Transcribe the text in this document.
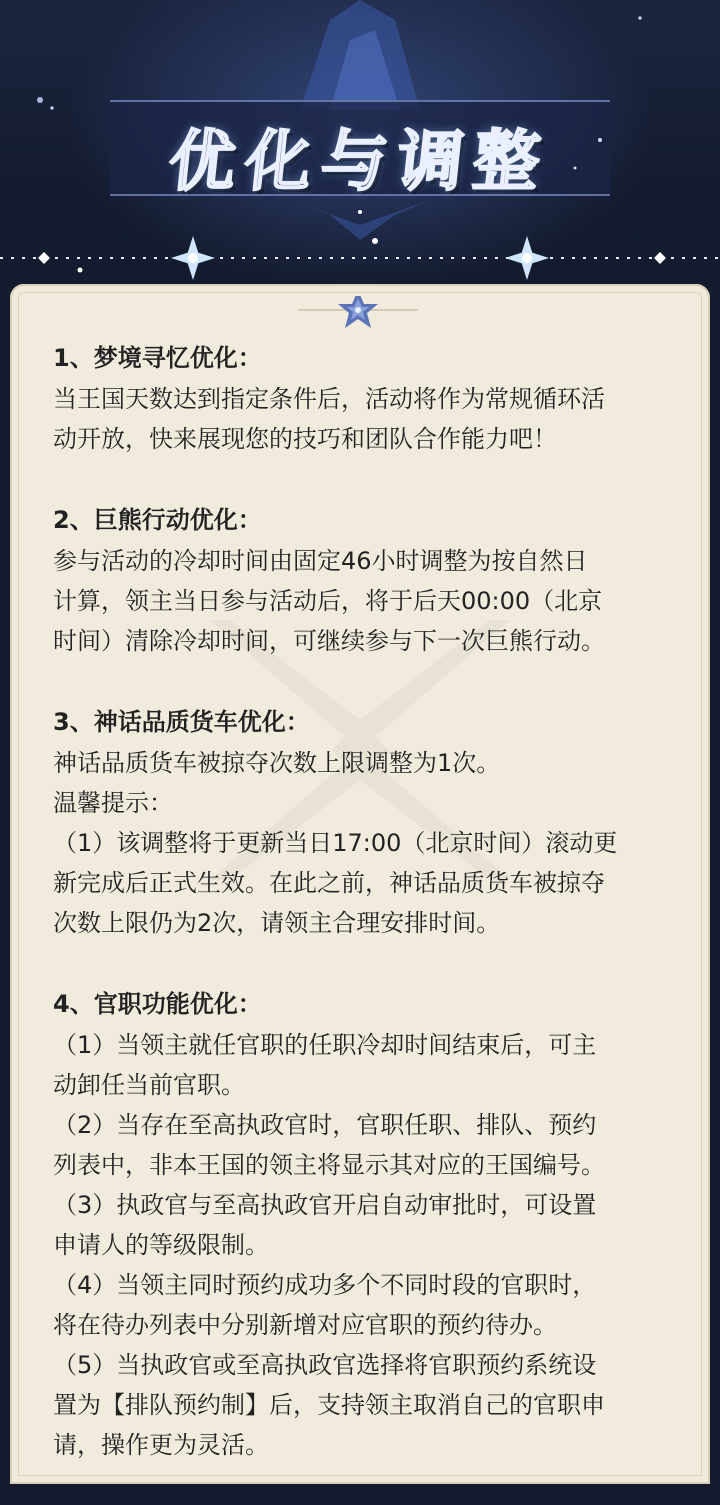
优化与调整
1、梦境寻忆优化：
当王国天数达到指定条件后，活动将作为常规循环活
动开放，快来展现您的技巧和团队合作能力吧！
2、巨熊行动优化：
参与活动的冷却时间由固定46小时调整为按自然日
计算，领主当日参与活动后，将于后天00:00（北京
时间）清除冷却时间，可继续参与下一次巨熊行动。
3、神话品质货车优化：
神话品质货车被掠夺次数上限调整为1次。
温馨提示：
（1）该调整将于更新当日17:00（北京时间）滚动更
新完成后正式生效。在此之前，神话品质货车被掠夺
次数上限仍为2次，请领主合理安排时间。
4、官职功能优化：
（1）当领主就任官职的任职冷却时间结束后，可主
动卸任当前官职。
（2）当存在至高执政官时，官职任职、排队、预约
列表中，非本王国的领主将显示其对应的王国编号。
（3）执政官与至高执政官开启自动审批时，可设置
申请人的等级限制。
（4）当领主同时预约成功多个不同时段的官职时，
将在待办列表中分别新增对应官职的预约待办。
（5）当执政官或至高执政官选择将官职预约系统设
置为【排队预约制】后，支持领主取消自己的官职申
请，操作更为灵活。
